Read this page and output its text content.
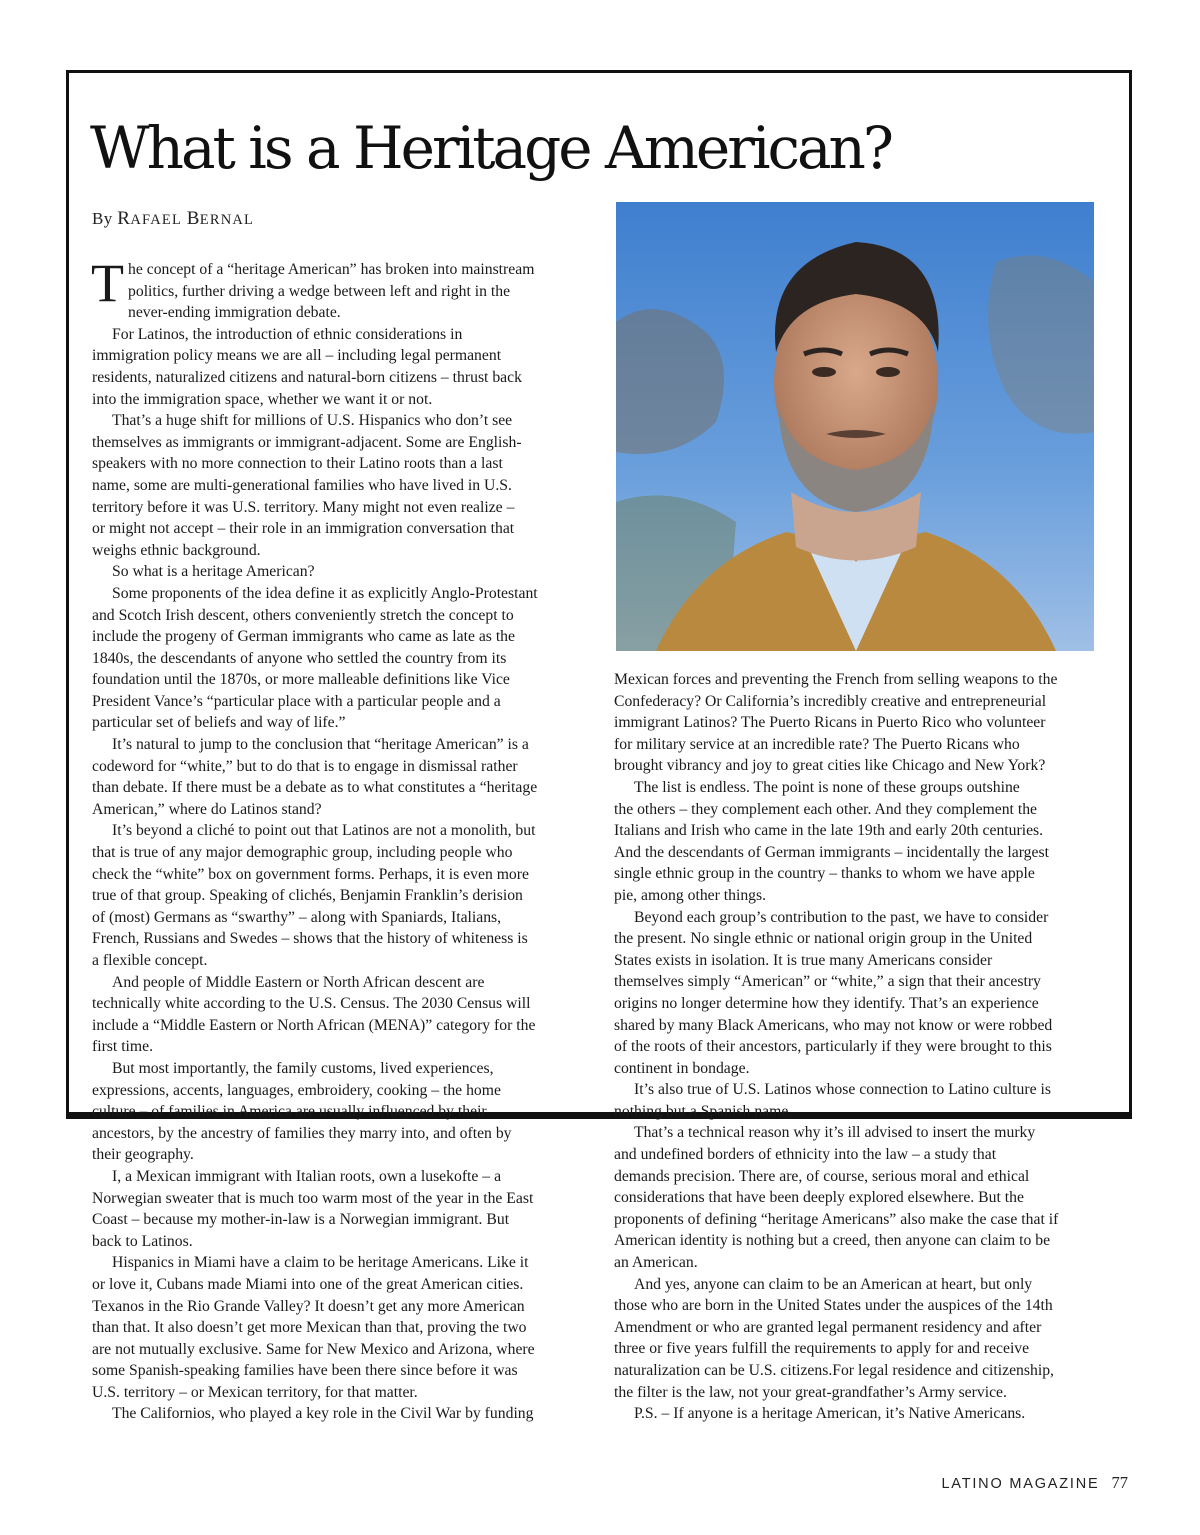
What is a Heritage American?
By RAFAEL BERNAL
T he concept of a “heritage American” has broken into mainstream

politics, further driving a wedge between left and right in the

never-ending immigration debate.

For Latinos, the introduction of ethnic considerations in

immigration policy means we are all – including legal permanent

residents, naturalized citizens and natural-born citizens – thrust back

into the immigration space, whether we want it or not.

That’s a huge shift for millions of U.S. Hispanics who don’t see

themselves as immigrants or immigrant-adjacent. Some are English-

speakers with no more connection to their Latino roots than a last

name, some are multi-generational families who have lived in U.S.

territory before it was U.S. territory. Many might not even realize –

or might not accept – their role in an immigration conversation that

weighs ethnic background.

So what is a heritage American?

Some proponents of the idea define it as explicitly Anglo-Protestant

and Scotch Irish descent, others conveniently stretch the concept to

include the progeny of German immigrants who came as late as the

1840s, the descendants of anyone who settled the country from its

foundation until the 1870s, or more malleable definitions like Vice

President Vance’s “particular place with a particular people and a

particular set of beliefs and way of life.”

It’s natural to jump to the conclusion that “heritage American” is a

codeword for “white,” but to do that is to engage in dismissal rather

than debate. If there must be a debate as to what constitutes a “heritage

American,” where do Latinos stand?

It’s beyond a cliché to point out that Latinos are not a monolith, but

that is true of any major demographic group, including people who

check the “white” box on government forms. Perhaps, it is even more

true of that group. Speaking of clichés, Benjamin Franklin’s derision

of (most) Germans as “swarthy” – along with Spaniards, Italians,

French, Russians and Swedes – shows that the history of whiteness is

a flexible concept.

And people of Middle Eastern or North African descent are

technically white according to the U.S. Census. The 2030 Census will

include a “Middle Eastern or North African (MENA)” category for the

first time.

But most importantly, the family customs, lived experiences,

expressions, accents, languages, embroidery, cooking – the home

culture – of families in America are usually influenced by their

ancestors, by the ancestry of families they marry into, and often by

their geography.

I, a Mexican immigrant with Italian roots, own a lusekofte – a

Norwegian sweater that is much too warm most of the year in the East

Coast – because my mother-in-law is a Norwegian immigrant. But

back to Latinos.

Hispanics in Miami have a claim to be heritage Americans. Like it

or love it, Cubans made Miami into one of the great American cities.

Texanos in the Rio Grande Valley? It doesn’t get any more American

than that. It also doesn’t get more Mexican than that, proving the two

are not mutually exclusive. Same for New Mexico and Arizona, where

some Spanish-speaking families have been there since before it was

U.S. territory – or Mexican territory, for that matter.

The Californios, who played a key role in the Civil War by funding

Mexican forces and preventing the French from selling weapons to the

Confederacy? Or California’s incredibly creative and entrepreneurial

immigrant Latinos? The Puerto Ricans in Puerto Rico who volunteer

for military service at an incredible rate? The Puerto Ricans who

brought vibrancy and joy to great cities like Chicago and New York?

The list is endless. The point is none of these groups outshine

the others – they complement each other. And they complement the

Italians and Irish who came in the late 19th and early 20th centuries.

And the descendants of German immigrants – incidentally the largest

single ethnic group in the country – thanks to whom we have apple

pie, among other things.

Beyond each group’s contribution to the past, we have to consider

the present. No single ethnic or national origin group in the United

States exists in isolation. It is true many Americans consider

themselves simply “American” or “white,” a sign that their ancestry

origins no longer determine how they identify. That’s an experience

shared by many Black Americans, who may not know or were robbed

of the roots of their ancestors, particularly if they were brought to this

continent in bondage.

It’s also true of U.S. Latinos whose connection to Latino culture is

nothing but a Spanish name.

That’s a technical reason why it’s ill advised to insert the murky

and undefined borders of ethnicity into the law – a study that

demands precision. There are, of course, serious moral and ethical

considerations that have been deeply explored elsewhere. But the

proponents of defining “heritage Americans” also make the case that if

American identity is nothing but a creed, then anyone can claim to be

an American.

And yes, anyone can claim to be an American at heart, but only

those who are born in the United States under the auspices of the 14th

Amendment or who are granted legal permanent residency and after

three or five years fulfill the requirements to apply for and receive

naturalization can be U.S. citizens.For legal residence and citizenship,

the filter is the law, not your great-grandfather’s Army service.

P.S. – If anyone is a heritage American, it’s Native Americans.

LATINO MAGAZINE 77
